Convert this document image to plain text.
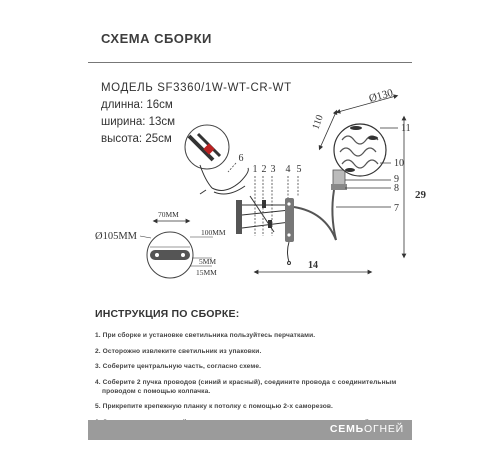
СХЕМА СБОРКИ
МОДЕЛЬ SF3360/1W-WT-CR-WT
длинна: 16см
ширина: 13см
высота: 25см
1 2 3 4 5
6
14
Ø130
110
29
11
10
9
8
7
Ø105MM
70MM
100MM
5MM
15MM
ИНСТРУКЦИЯ ПО СБОРКЕ:
1. При сборке и установке светильника пользуйтесь перчатками.
2. Осторожно извлеките светильник из упаковки.
3. Соберите центральную часть, согласно схеме.
4. Соберите 2 пучка проводов (синий и красный), соедините провода с соединительным
проводом с помощью колпачка.
5. Прикрепите крепежную планку к потолку с помощью 2-х саморезов.
СЕМЬОГНЕЙ
